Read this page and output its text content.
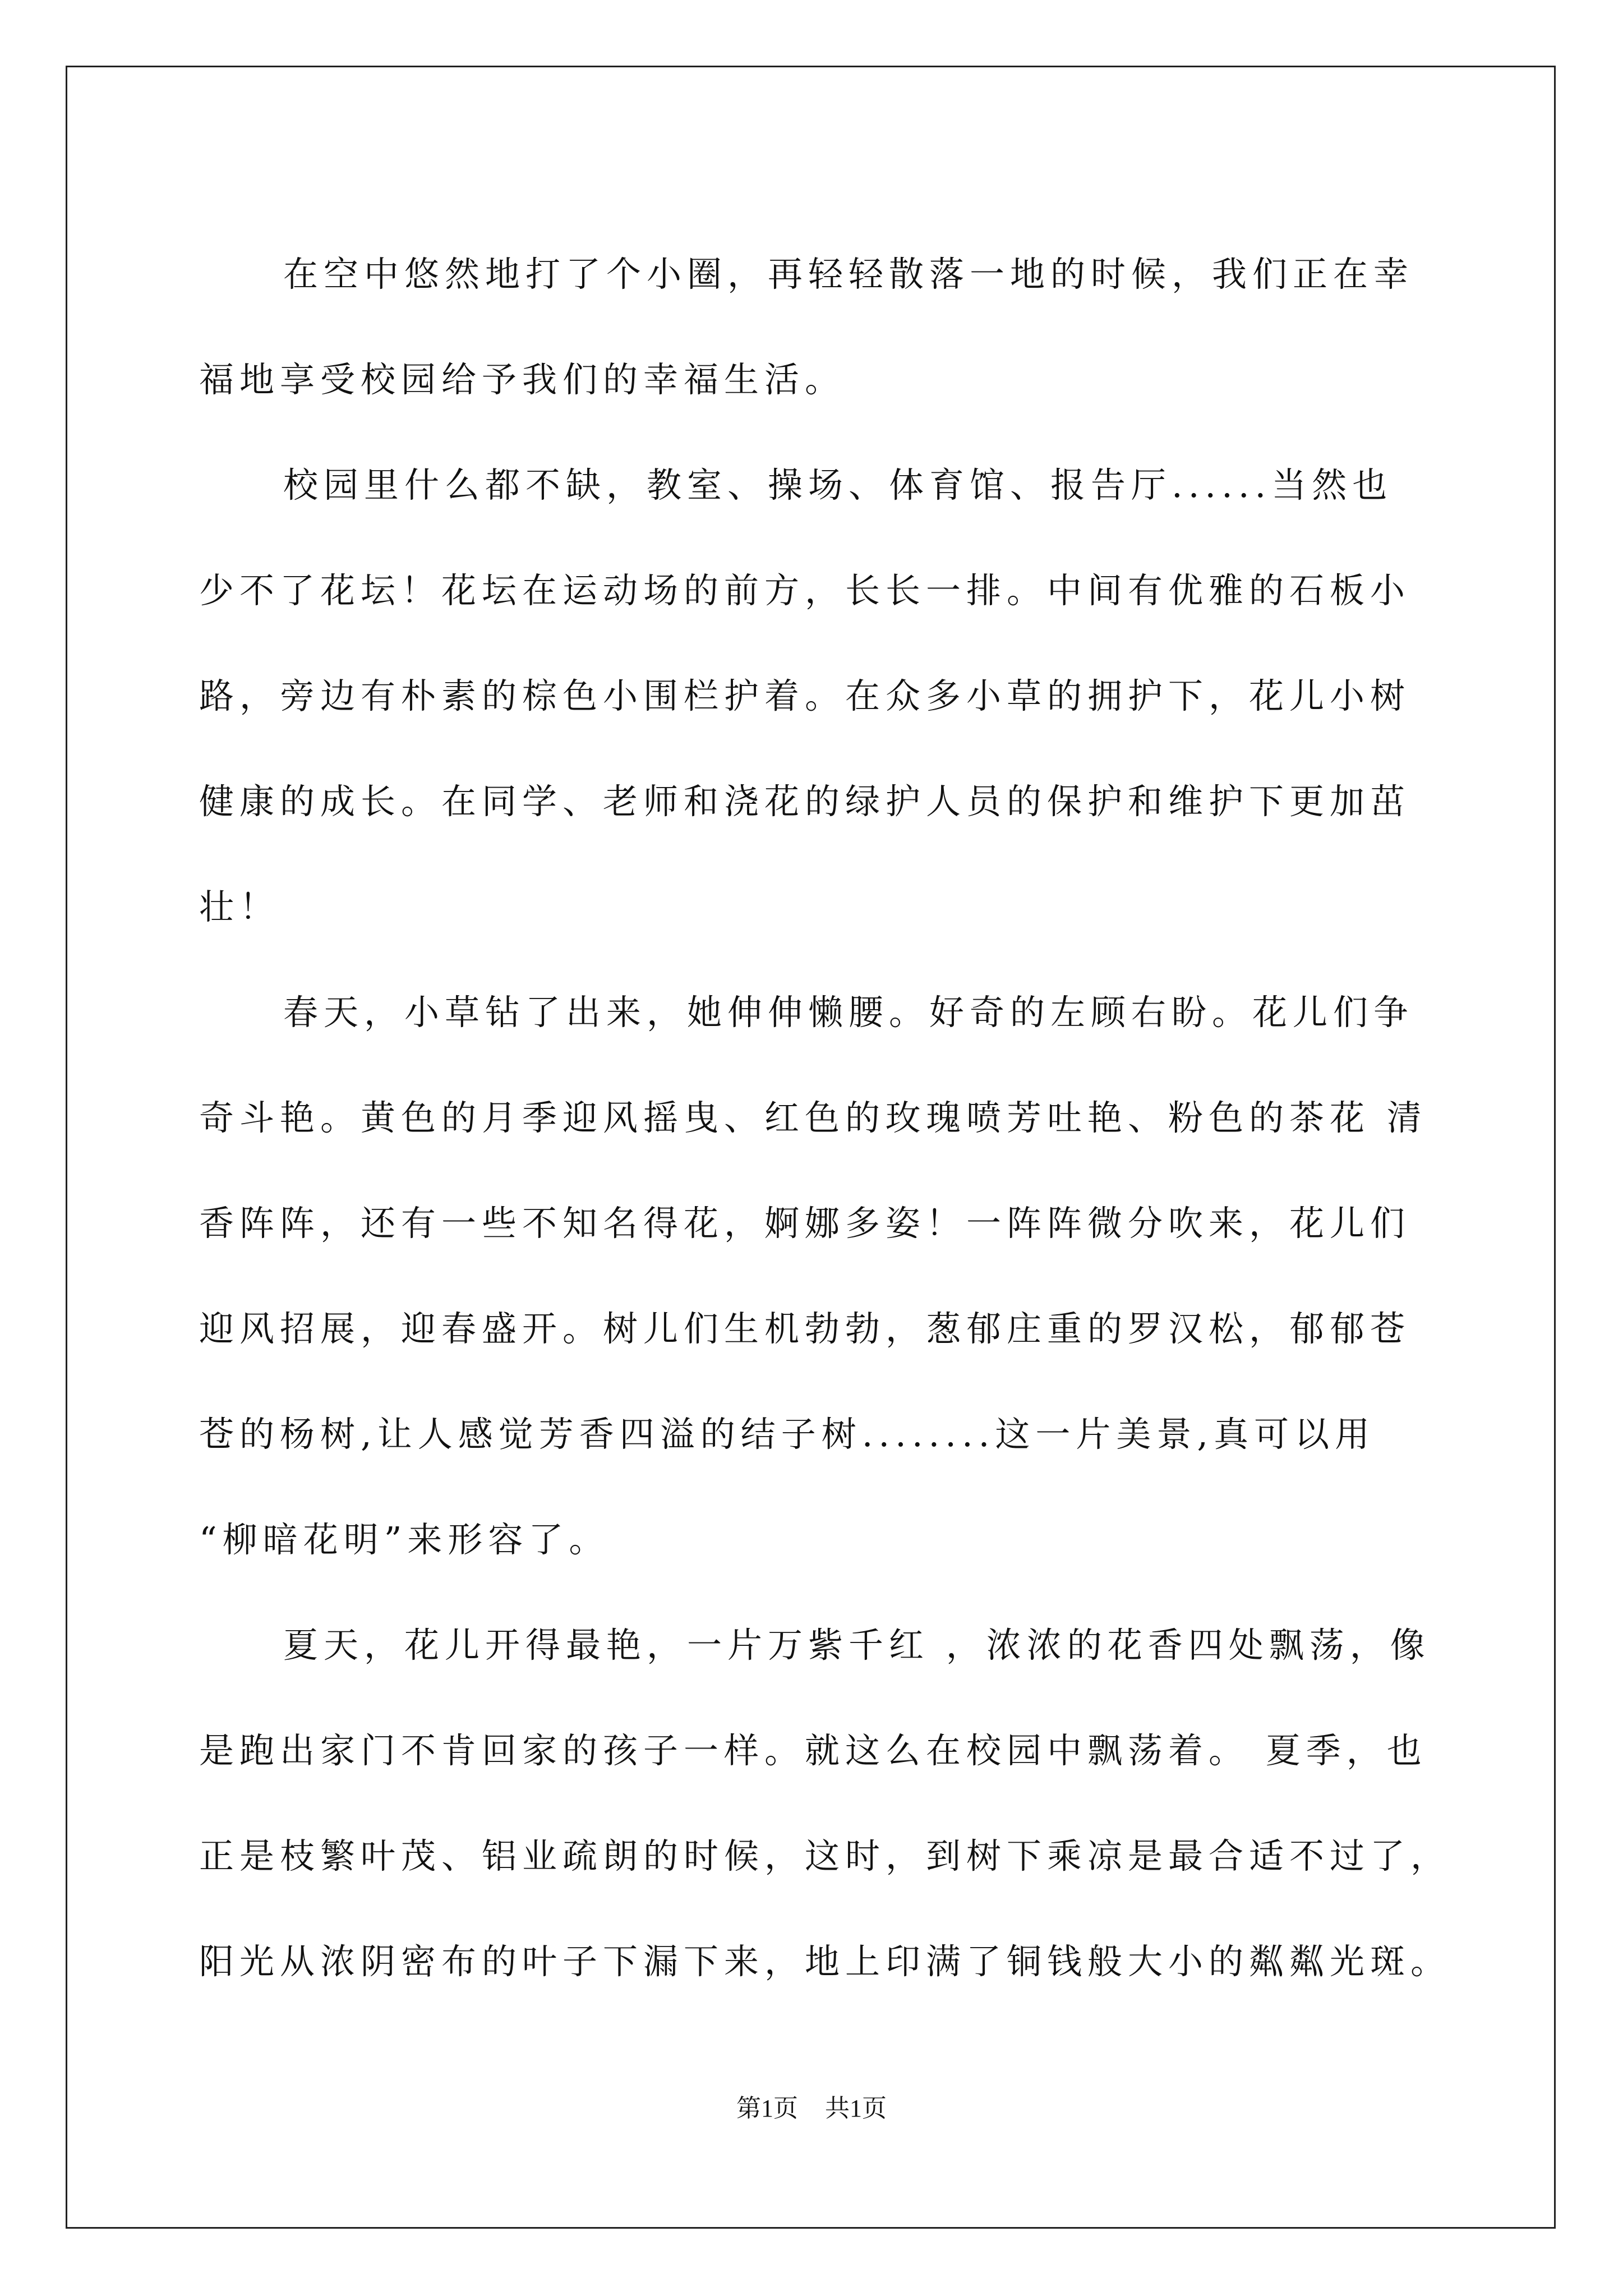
在空中悠然地打了个小圈，再轻轻散落一地的时候，我们正在幸
福地享受校园给予我们的幸福生活。
校园里什么都不缺，教室、操场、体育馆、报告厅......当然也
少不了花坛！花坛在运动场的前方，长长一排。中间有优雅的石板小
路，旁边有朴素的棕色小围栏护着。在众多小草的拥护下，花儿小树
健康的成长。在同学、老师和浇花的绿护人员的保护和维护下更加茁
壮！
春天，小草钻了出来，她伸伸懒腰。好奇的左顾右盼。花儿们争
奇斗艳。黄色的月季迎风摇曳、红色的玫瑰喷芳吐艳、粉色的茶花 清
香阵阵，还有一些不知名得花，婀娜多姿！一阵阵微分吹来，花儿们
迎风招展，迎春盛开。树儿们生机勃勃，葱郁庄重的罗汉松，郁郁苍
苍的杨树,让人感觉芳香四溢的结子树........这一片美景,真可以用
“柳暗花明”来形容了。
夏天，花儿开得最艳，一片万紫千红 ，浓浓的花香四处飘荡，像
是跑出家门不肯回家的孩子一样。就这么在校园中飘荡着。 夏季，也
正是枝繁叶茂、铝业疏朗的时候，这时，到树下乘凉是最合适不过了，
阳光从浓阴密布的叶子下漏下来，地上印满了铜钱般大小的粼粼光斑。
第1页 共1页
